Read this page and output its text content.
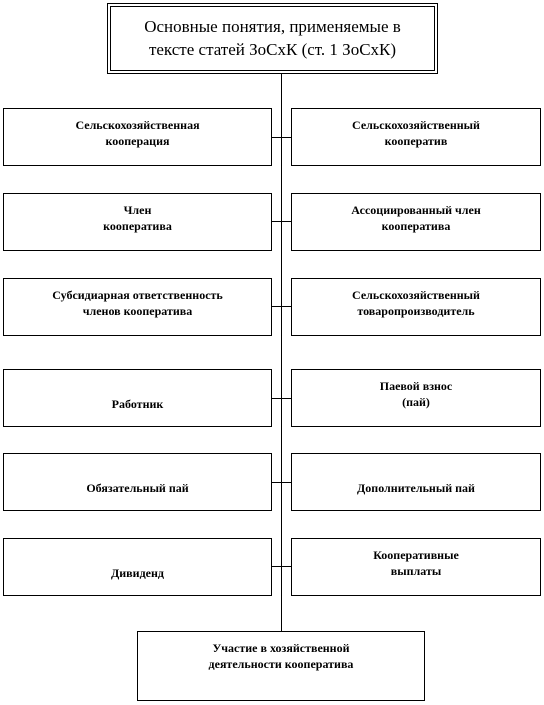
Основные понятия, применяемые в
тексте статей ЗоСхК (ст. 1 ЗоСхК)
Сельскохозяйственная
кооперация
Член
кооператива
Субсидиарная ответственность
членов кооператива
Работник
Обязательный пай
Дивиденд
Сельскохозяйственный
кооператив
Ассоциированный член
кооператива
Сельскохозяйственный
товаропроизводитель
Паевой взнос
(пай)
Дополнительный пай
Кооперативные
выплаты
Участие в хозяйственной
деятельности кооператива
